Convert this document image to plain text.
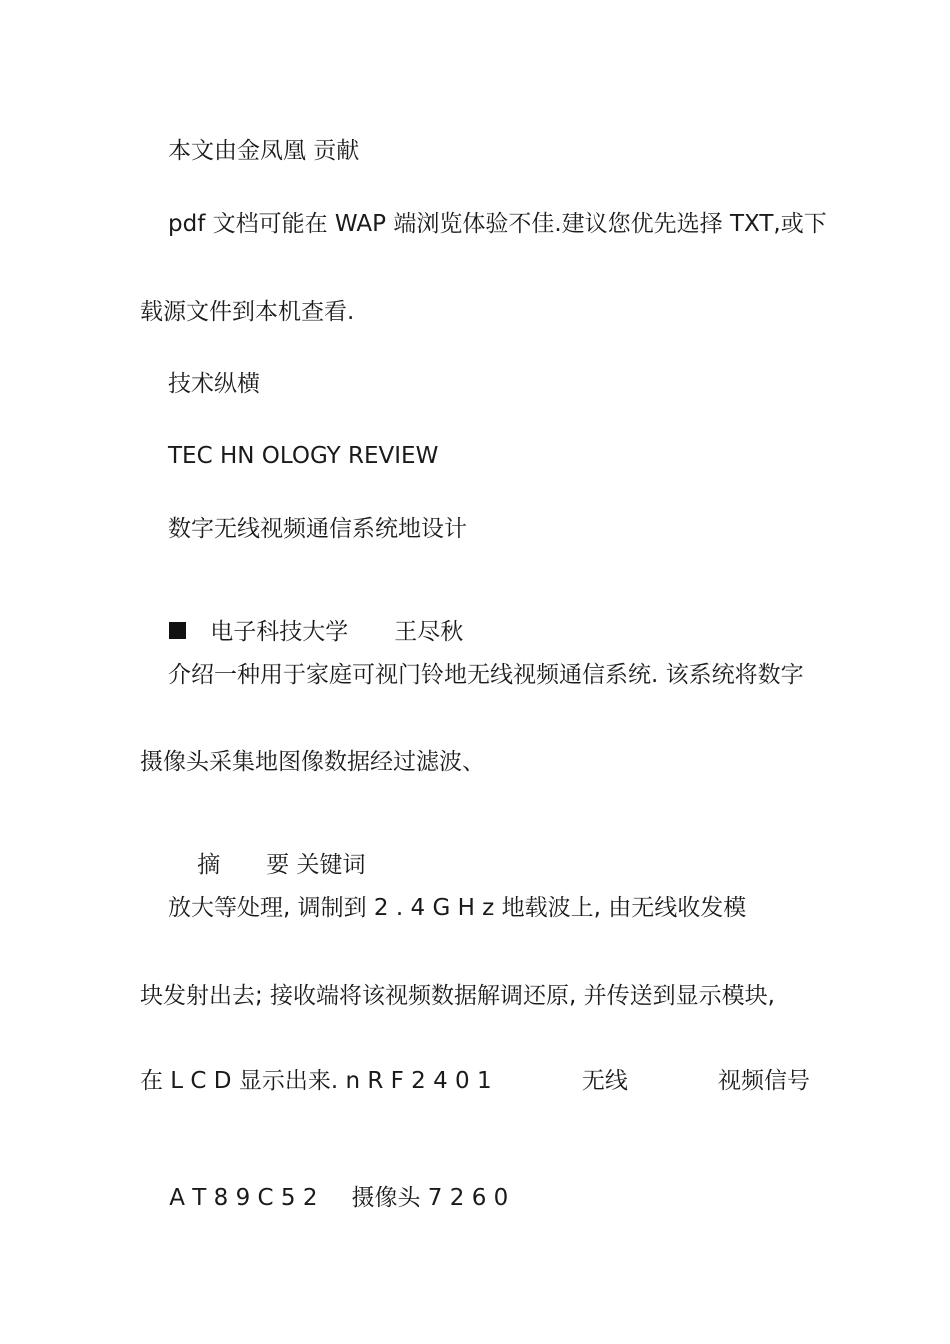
本文由金凤凰 贡献
pdf 文档可能在 WAP 端浏览体验不佳.建议您优先选择 TXT,或下
载源文件到本机查看.
技术纵横
TEC HN OLOGY REVIEW
数字无线视频通信系统地设计

电子科技大学 王尽秋

介绍一种用于家庭可视门铃地无线视频通信系统. 该系统将数字
摄像头采集地图像数据经过滤波、

摘 要 关键词

放大等处理, 调制到 2 . 4 G H z 地载波上, 由无线收发模
块发射出去; 接收端将该视频数据解调还原, 并传送到显示模块,
在 L C D 显示出来. n R F 2 4 0 1	无线	视频信号

A T 8 9 C 5 2 摄像头 7 2 6 0
